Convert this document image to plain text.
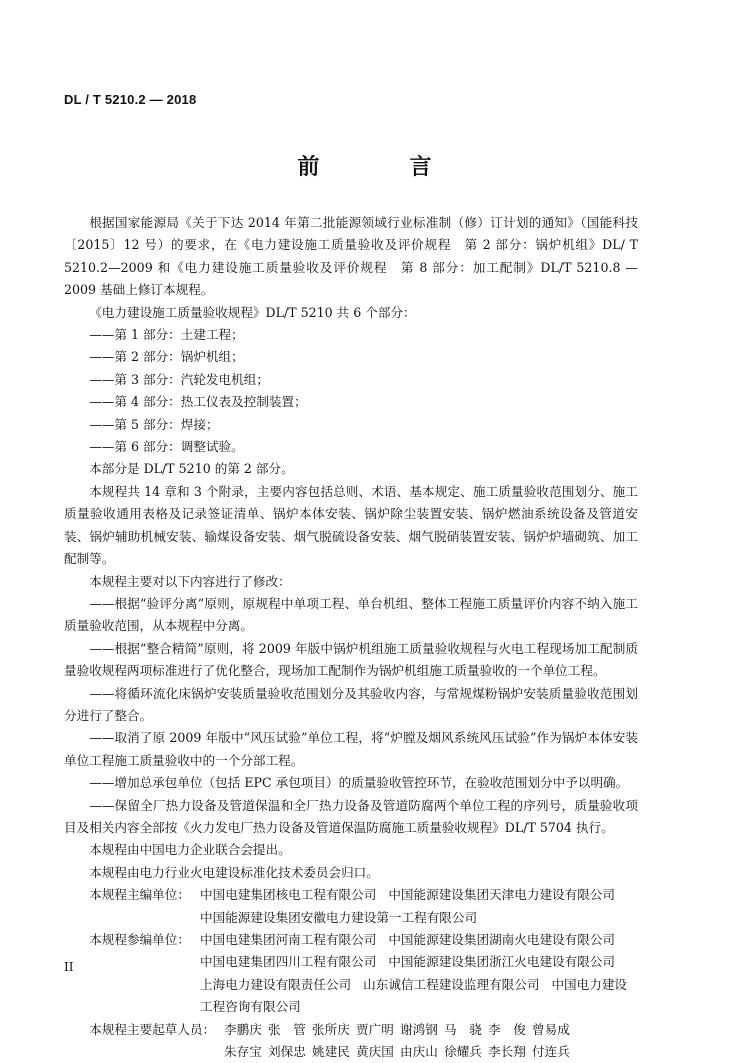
DL / T 5210.2 — 2018
前　言

根据国家能源局《关于下达 2014 年第二批能源领域行业标准制（修）订计划的通知》（国能科技〔2015〕12 号）的要求，在《电力建设施工质量验收及评价规程　第 2 部分：锅炉机组》DL/ T 5210.2—2009 和《电力建设施工质量验收及评价规程　第 8 部分：加工配制》DL/T 5210.8 —2009 基础上修订本规程。

《电力建设施工质量验收规程》DL/T 5210 共 6 个部分：

——第 1 部分：土建工程；

——第 2 部分：锅炉机组；

——第 3 部分：汽轮发电机组；

——第 4 部分：热工仪表及控制装置；

——第 5 部分：焊接；

——第 6 部分：调整试验。

本部分是 DL/T 5210 的第 2 部分。

本规程共 14 章和 3 个附录，主要内容包括总则、术语、基本规定、施工质量验收范围划分、施工质量验收通用表格及记录签证清单、锅炉本体安装、锅炉除尘装置安装、锅炉燃油系统设备及管道安装、锅炉辅助机械安装、输煤设备安装、烟气脱硫设备安装、烟气脱硝装置安装、锅炉炉墙砌筑、加工配制等。

本规程主要对以下内容进行了修改：

——根据“验评分离”原则，原规程中单项工程、单台机组、整体工程施工质量评价内容不纳入施工质量验收范围，从本规程中分离。

——根据“整合精简”原则，将 2009 年版中锅炉机组施工质量验收规程与火电工程现场加工配制质量验收规程两项标准进行了优化整合，现场加工配制作为锅炉机组施工质量验收的一个单位工程。

——将循环流化床锅炉安装质量验收范围划分及其验收内容，与常规煤粉锅炉安装质量验收范围划分进行了整合。

——取消了原 2009 年版中“风压试验”单位工程，将“炉膛及烟风系统风压试验”作为锅炉本体安装单位工程施工质量验收中的一个分部工程。

——增加总承包单位（包括 EPC 承包项目）的质量验收管控环节，在验收范围划分中予以明确。

——保留全厂热力设备及管道保温和全厂热力设备及管道防腐两个单位工程的序列号，质量验收项目及相关内容全部按《火力发电厂热力设备及管道保温防腐施工质量验收规程》DL/T 5704 执行。

本规程由中国电力企业联合会提出。

本规程由电力行业火电建设标准化技术委员会归口。

本规程主编单位： 中国电建集团核电工程有限公司 中国能源建设集团天津电力建设有限公司
中国能源建设集团安徽电力建设第一工程有限公司
本规程参编单位： 中国电建集团河南工程有限公司 中国能源建设集团湖南火电建设有限公司
中国电建集团四川工程有限公司 中国能源建设集团浙江火电建设有限公司
上海电力建设有限责任公司 山东诚信工程建设监理有限公司 中国电力建设工程咨询有限公司
本规程主要起草人员： 李鹏庆 张　管 张所庆 贾广明 谢鸿钢 马　骁 李　俊 曾易成
朱存宝 刘保忠 姚建民 黄庆国 由庆山 徐耀兵 李长翔 付连兵
II
